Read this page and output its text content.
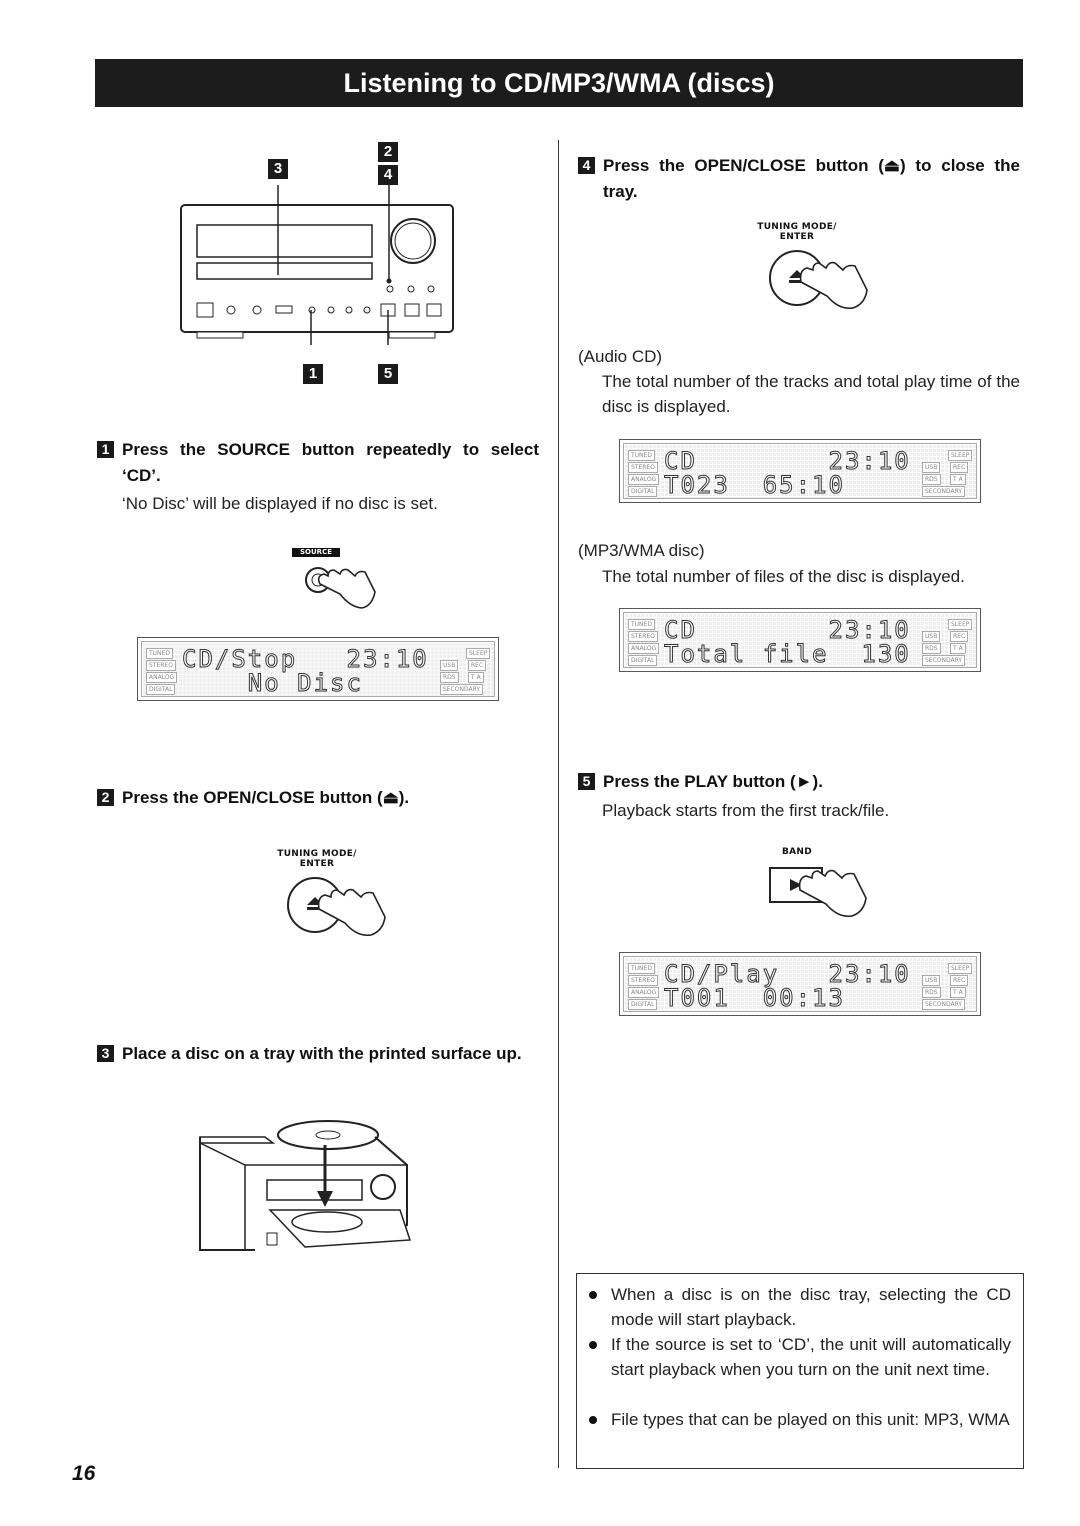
Listening to CD/MP3/WMA (discs)
2
3	4
1	5
1 Press the SOURCE button repeatedly to select ‘CD’.
‘No Disc’ will be displayed if no disc is set.
SOURCE
TUNED
STEREO
ANALOG
DIGITAL
SLEEP
USB	REC
RDS	T A
SECONDARY
CD/Stop   23:10
No Disc
2 Press the OPEN/CLOSE button (⏏).
TUNING MODE/
ENTER
3 Place a disc on a tray with the printed surface up.
4 Press the OPEN/CLOSE button (⏏) to close the tray.
TUNING MODE/
ENTER
(Audio CD)
The total number of the tracks and total play time of the disc is displayed.
TUNED
STEREO
ANALOG
DIGITAL
SLEEP
USB	REC
RDS	T A
SECONDARY
CD        23:10
T023  65:10
(MP3/WMA disc)
The total number of files of the disc is displayed.
TUNED
STEREO
ANALOG
DIGITAL
SLEEP
USB	REC
RDS	T A
SECONDARY
CD        23:10
Total file  130
5 Press the PLAY button (►).
Playback starts from the first track/file.
BAND
TUNED
STEREO
ANALOG
DIGITAL
SLEEP
USB	REC
RDS	T A
SECONDARY
CD/Play   23:10
T001  00:13
When a disc is on the disc tray, selecting the CD mode will start playback.
If the source is set to ‘CD’, the unit will automatically start playback when you turn on the unit next time.
File types that can be played on this unit: MP3, WMA
16
